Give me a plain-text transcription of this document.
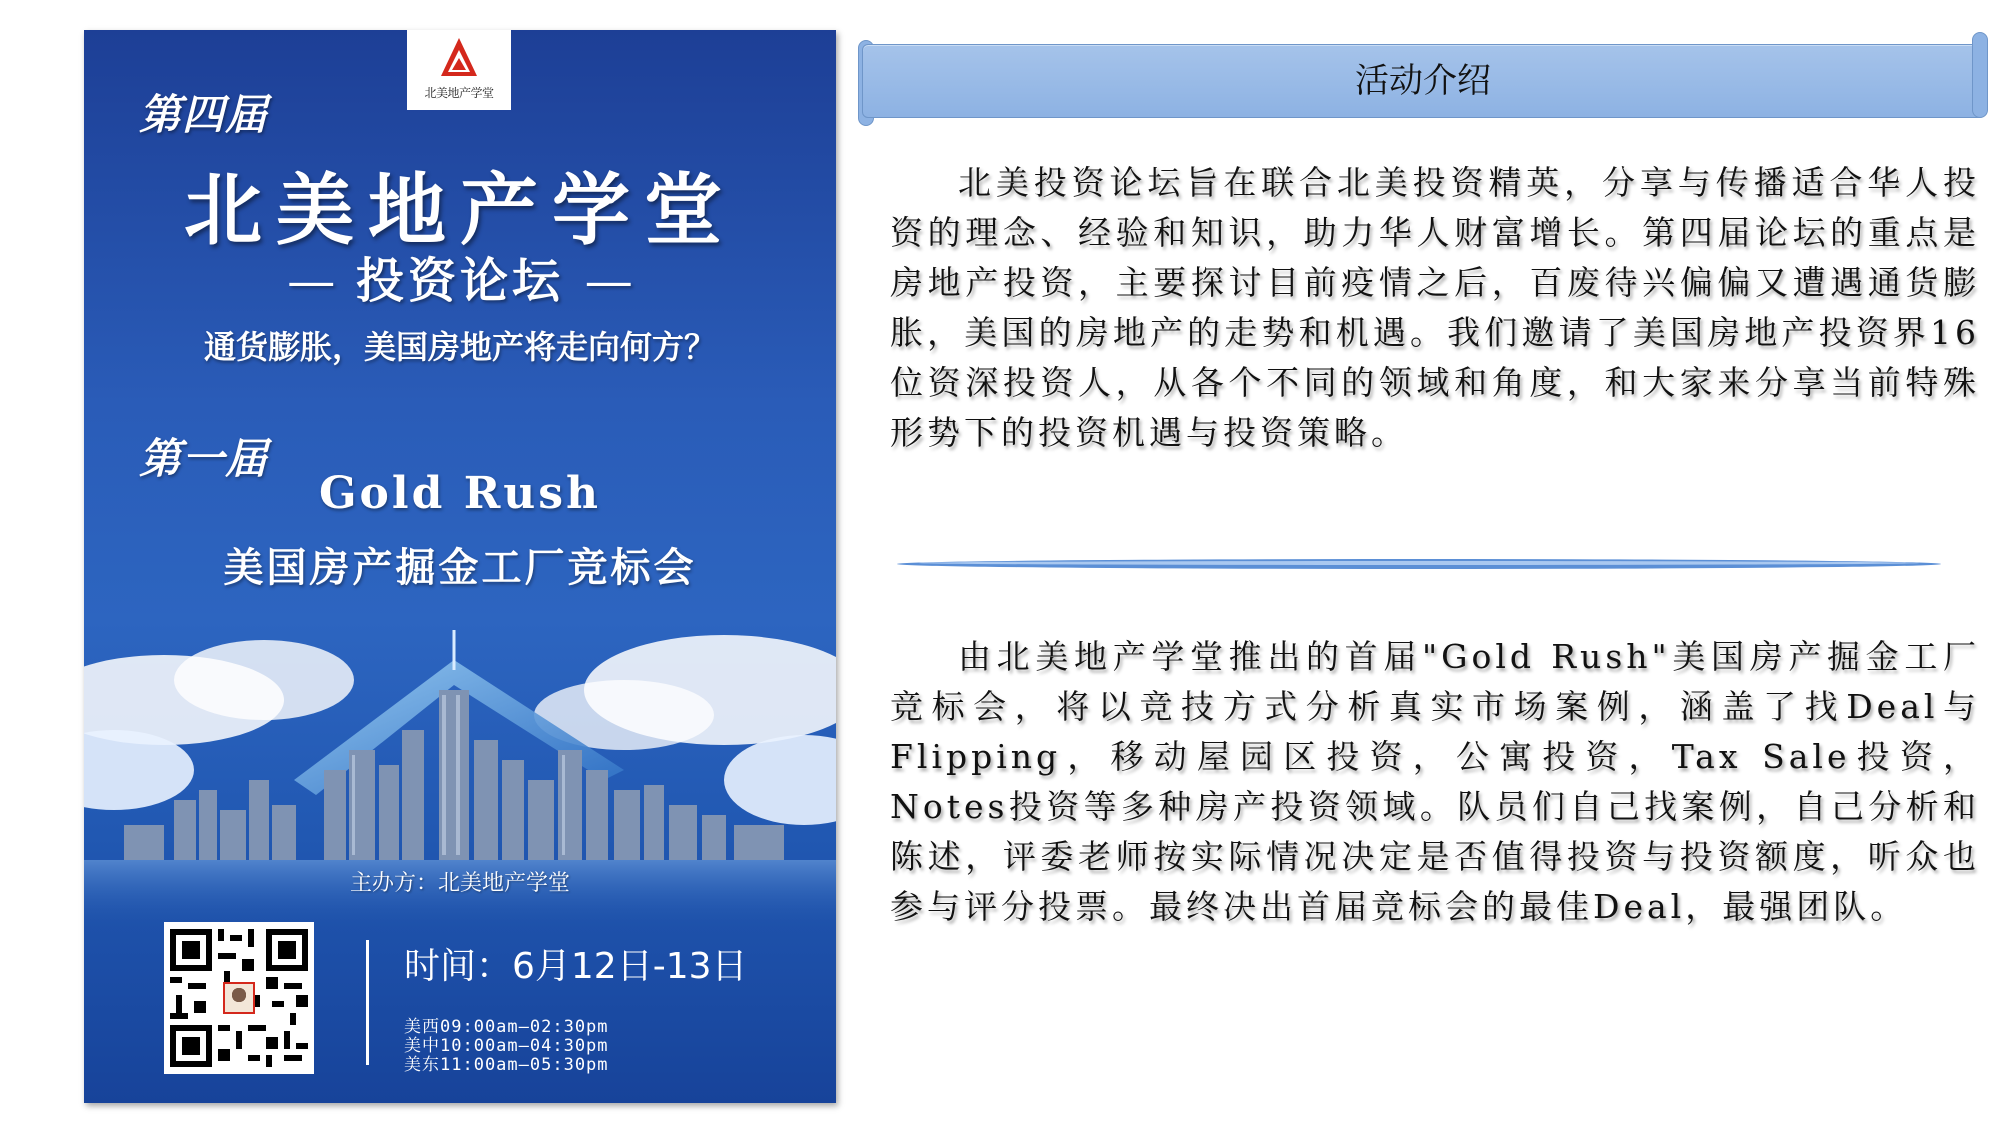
北美地产学堂
第四届
北美地产学堂
— 投资论坛 —
通货膨胀，美国房地产将走向何方？
第一届
Gold Rush
美国房产掘金工厂竞标会
主办方：北美地产学堂
时间：6月12日-13日
美西09:00am—02:30pm
美中10:00am—04:30pm
美东11:00am—05:30pm
活动介绍
北美投资论坛旨在联合北美投资精英，分享与传播适合华人投资的理念、经验和知识，助力华人财富增长。第四届论坛的重点是房地产投资，主要探讨目前疫情之后，百废待兴偏偏又遭遇通货膨胀，美国的房地产的走势和机遇。我们邀请了美国房地产投资界16位资深投资人，从各个不同的领域和角度，和大家来分享当前特殊形势下的投资机遇与投资策略。
由北美地产学堂推出的首届"Gold Rush"美国房产掘金工厂竞标会，将以竞技方式分析真实市场案例，涵盖了找Deal与Flipping，移动屋园区投资，公寓投资，Tax Sale投资，Notes投资等多种房产投资领域。队员们自己找案例，自己分析和陈述，评委老师按实际情况决定是否值得投资与投资额度，听众也参与评分投票。最终决出首届竞标会的最佳Deal，最强团队。
